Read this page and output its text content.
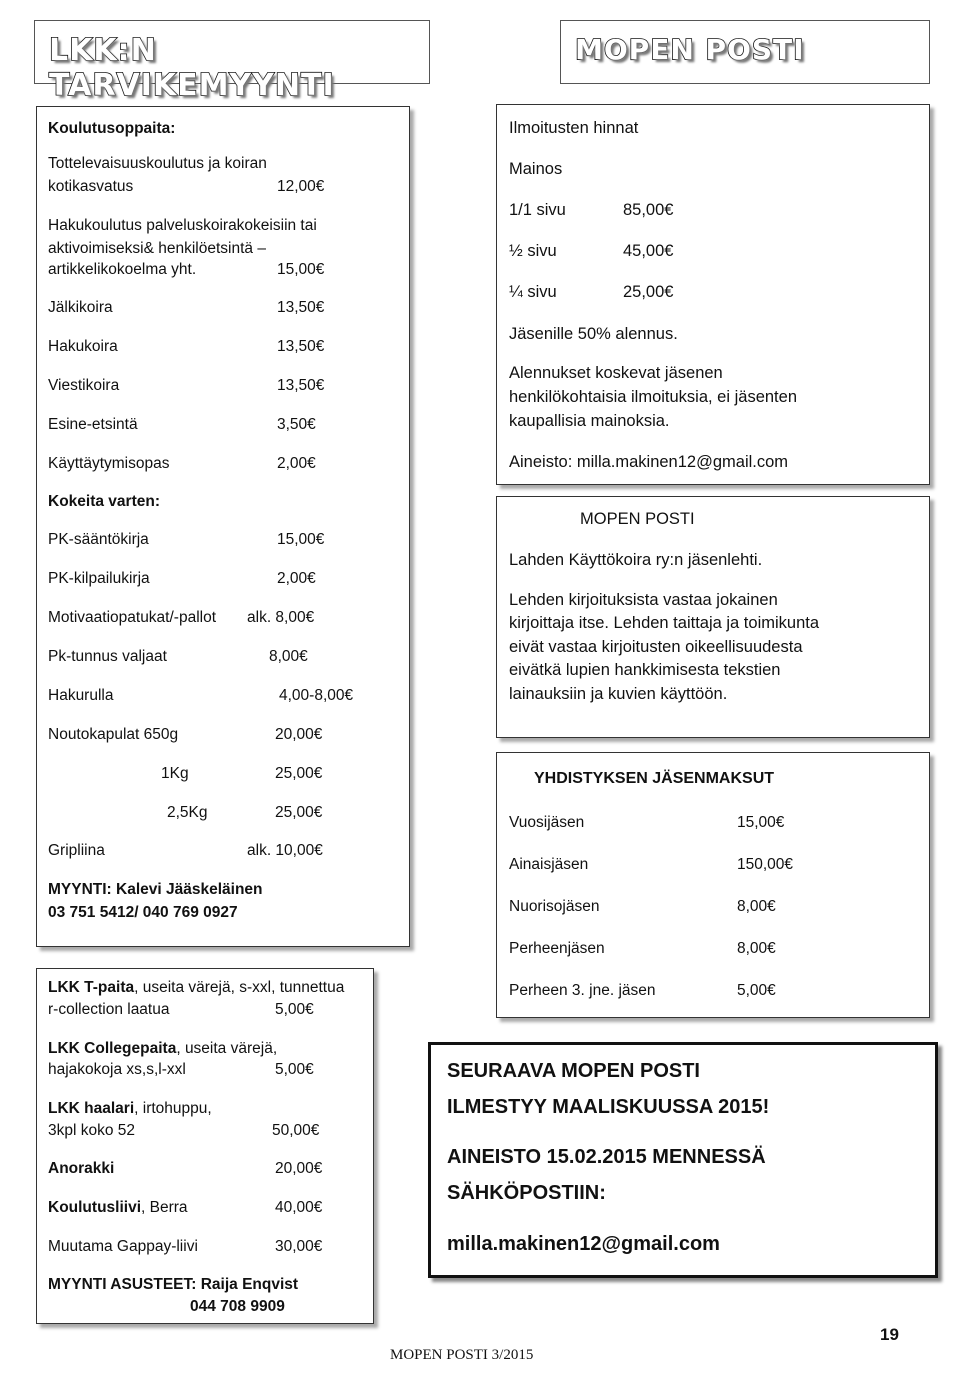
LKK:N TARVIKEMYYNTI
MOPEN POSTI
Koulutusoppaita:
Tottelevaisuuskoulutus ja koiran
kotikasvatus	12,00€
Hakukoulutus palveluskoirakokeisiin tai
aktivoimiseksi& henkilöetsintä –
artikkelikokoelma yht.	15,00€
Jälkikoira	13,50€
Hakukoira	13,50€
Viestikoira	13,50€
Esine-etsintä	3,50€
Käyttäytymisopas	2,00€
Kokeita varten:
PK-sääntökirja	15,00€
PK-kilpailukirja	2,00€
Motivaatiopatukat/-pallot alk. 8,00€
Pk-tunnus valjaat	8,00€
Hakurulla	4,00-8,00€
Noutokapulat 650g	20,00€
1Kg	25,00€
2,5Kg	25,00€
Gripliina	alk. 10,00€
MYYNTI: Kalevi Jääskeläinen
03 751 5412/ 040 769 0927
LKK T-paita, useita värejä, s-xxl, tunnettua
r-collection laatua	5,00€
LKK Collegepaita, useita värejä,
hajakokoja xs,s,l-xxl	5,00€
LKK haalari, irtohuppu,
3kpl koko 52	50,00€
Anorakki	20,00€
Koulutusliivi, Berra	40,00€
Muutama Gappay-liivi	30,00€
MYYNTI ASUSTEET: Raija Enqvist
044 708 9909
Ilmoitusten hinnat
Mainos
1/1 sivu	85,00€
½ sivu	45,00€
¼ sivu	25,00€
Jäsenille 50% alennus.
Alennukset koskevat jäsenen
henkilökohtaisia ilmoituksia, ei jäsenten
kaupallisia mainoksia.
Aineisto: milla.makinen12@gmail.com
MOPEN POSTI
Lahden Käyttökoira ry:n jäsenlehti.
Lehden kirjoituksista vastaa jokainen
kirjoittaja itse. Lehden taittaja ja toimikunta
eivät vastaa kirjoitusten oikeellisuudesta
eivätkä lupien hankkimisesta tekstien
lainauksiin ja kuvien käyttöön.
YHDISTYKSEN JÄSENMAKSUT
Vuosijäsen	15,00€
Ainaisjäsen	150,00€
Nuorisojäsen	8,00€
Perheenjäsen	8,00€
Perheen 3. jne. jäsen	5,00€
SEURAAVA MOPEN POSTI
ILMESTYY MAALISKUUSSA 2015!
AINEISTO 15.02.2015 MENNESSÄ
SÄHKÖPOSTIIN:
milla.makinen12@gmail.com
MOPEN POSTI 3/2015
19
